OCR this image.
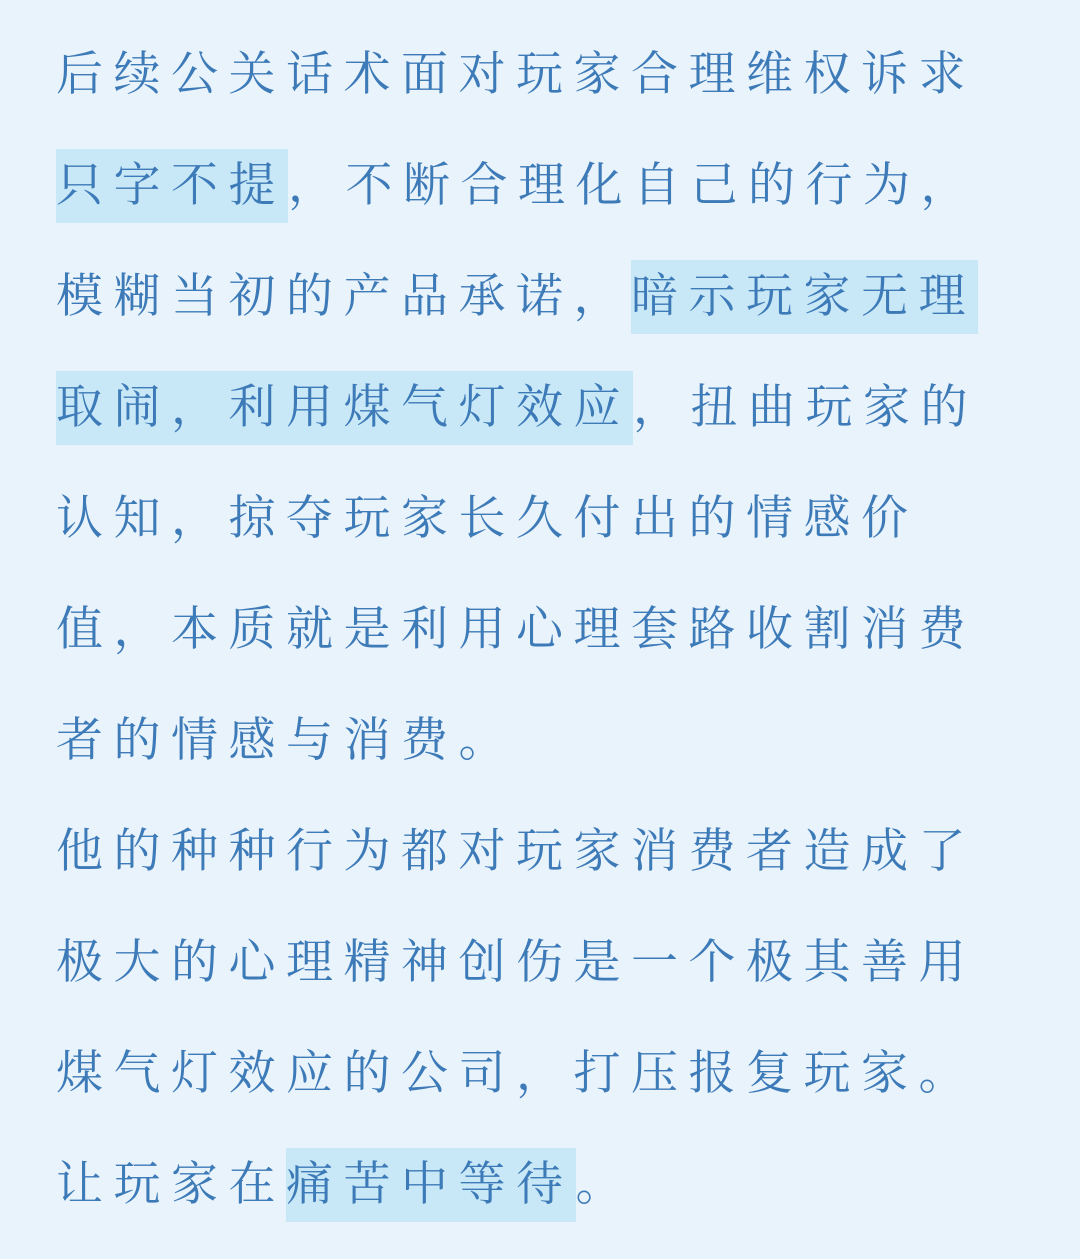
后续公关话术面对玩家合理维权诉求
只字不提，不断合理化自己的行为，
模糊当初的产品承诺，暗示玩家无理
取闹，利用煤气灯效应，扭曲玩家的
认知，掠夺玩家长久付出的情感价
值，本质就是利用心理套路收割消费
者的情感与消费。
他的种种行为都对玩家消费者造成了
极大的心理精神创伤是一个极其善用
煤气灯效应的公司，打压报复玩家。
让玩家在痛苦中等待。
